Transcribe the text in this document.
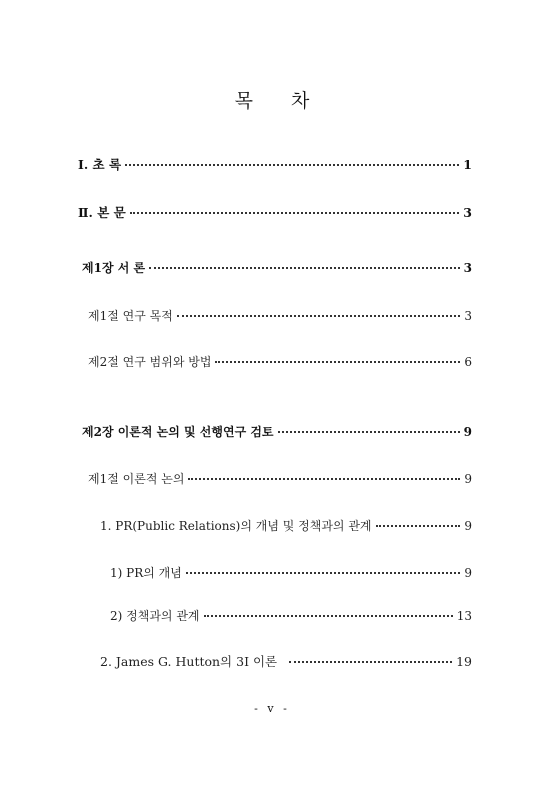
목 차
Ⅰ. 초 록	1
Ⅱ. 본 문	3
제1장 서 론	3
제1절 연구 목적	3
제2절 연구 범위와 방법	6
제2장 이론적 논의 및 선행연구 검토	9
제1절 이론적 논의	9
1. PR(Public Relations)의 개념 및 정책과의 관계	9
1) PR의 개념	9
2) 정책과의 관계	13
2. James G. Hutton의 3I 이론	19
- v -
